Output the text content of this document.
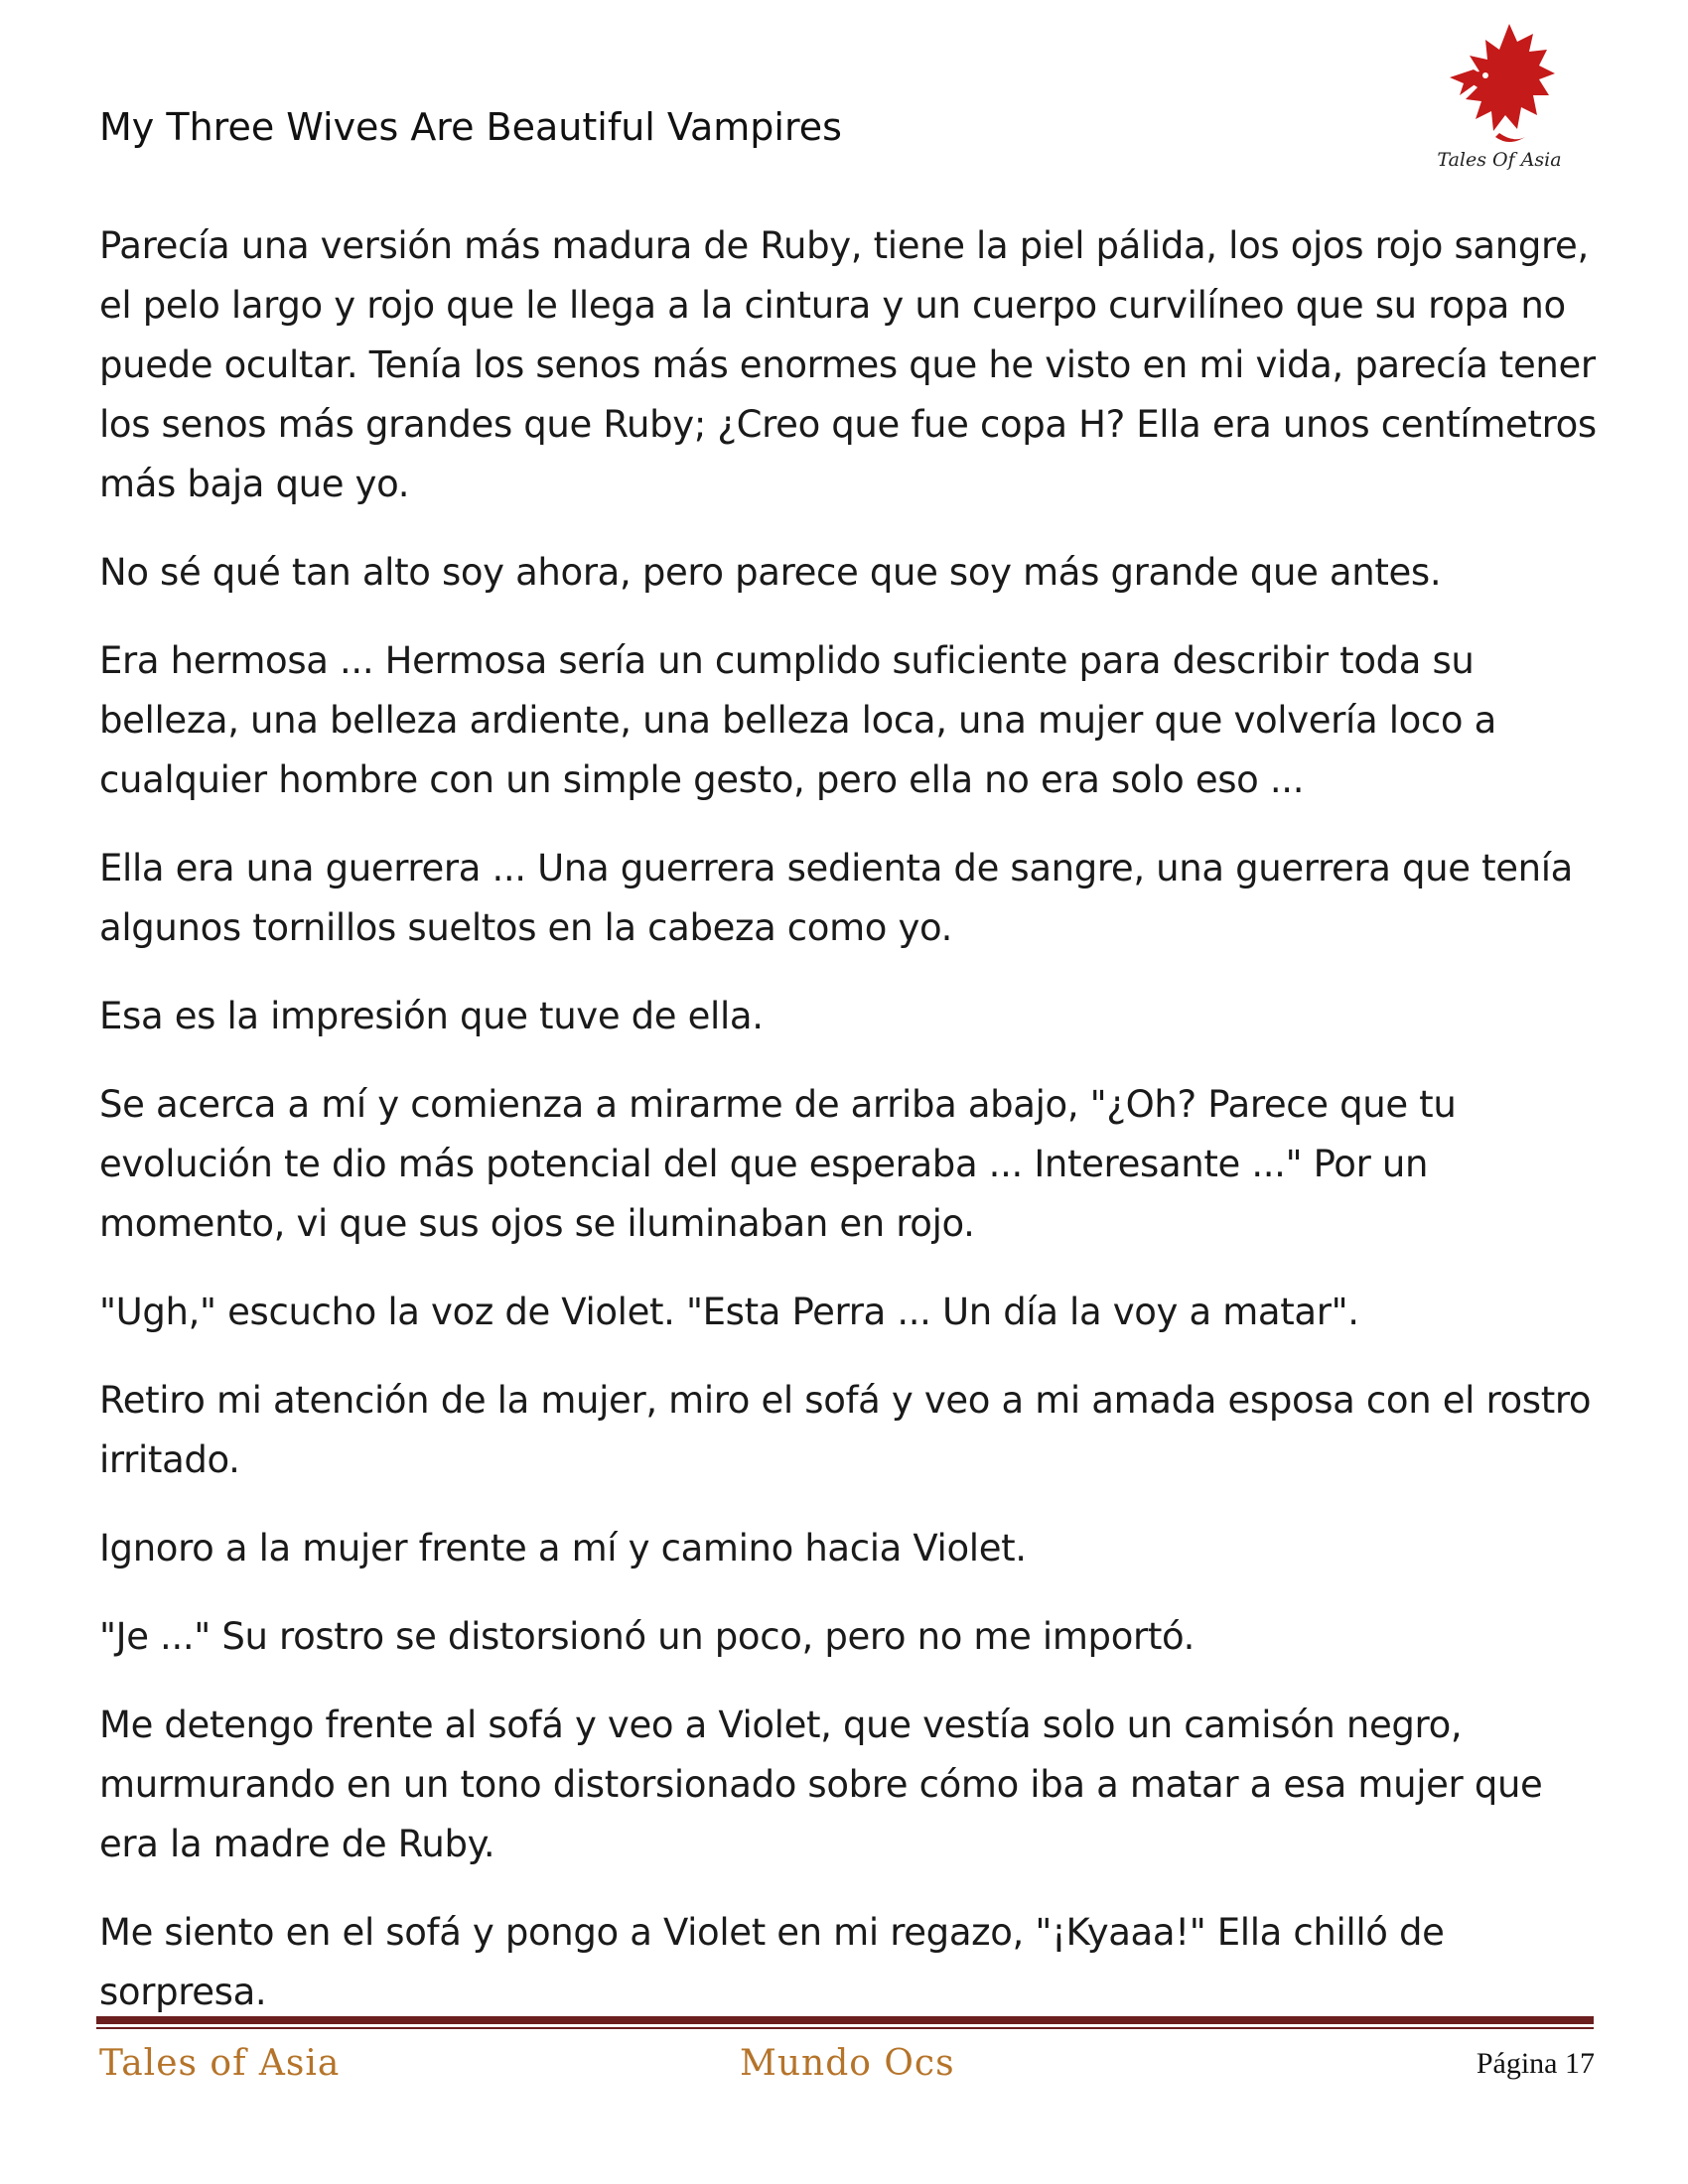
My Three Wives Are Beautiful Vampires
Tales Of Asia

Parecía una versión más madura de Ruby, tiene la piel pálida, los ojos rojo sangre, el pelo largo y rojo que le llega a la cintura y un cuerpo curvilíneo que su ropa no puede ocultar. Tenía los senos más enormes que he visto en mi vida, parecía tener los senos más grandes que Ruby; ¿Creo que fue copa H? Ella era unos centímetros más baja que yo.

No sé qué tan alto soy ahora, pero parece que soy más grande que antes.

Era hermosa ... Hermosa sería un cumplido suficiente para describir toda su belleza, una belleza ardiente, una belleza loca, una mujer que volvería loco a cualquier hombre con un simple gesto, pero ella no era solo eso ...

Ella era una guerrera ... Una guerrera sedienta de sangre, una guerrera que tenía algunos tornillos sueltos en la cabeza como yo.

Esa es la impresión que tuve de ella.

Se acerca a mí y comienza a mirarme de arriba abajo, "¿Oh? Parece que tu evolución te dio más potencial del que esperaba ... Interesante ..." Por un momento, vi que sus ojos se iluminaban en rojo.

"Ugh," escucho la voz de Violet. "Esta Perra ... Un día la voy a matar".

Retiro mi atención de la mujer, miro el sofá y veo a mi amada esposa con el rostro irritado.

Ignoro a la mujer frente a mí y camino hacia Violet.

"Je ..." Su rostro se distorsionó un poco, pero no me importó.

Me detengo frente al sofá y veo a Violet, que vestía solo un camisón negro, murmurando en un tono distorsionado sobre cómo iba a matar a esa mujer que era la madre de Ruby.

Me siento en el sofá y pongo a Violet en mi regazo, "¡Kyaaa!" Ella chilló de sorpresa.

Tales of Asia	Mundo Ocs	Página 17
